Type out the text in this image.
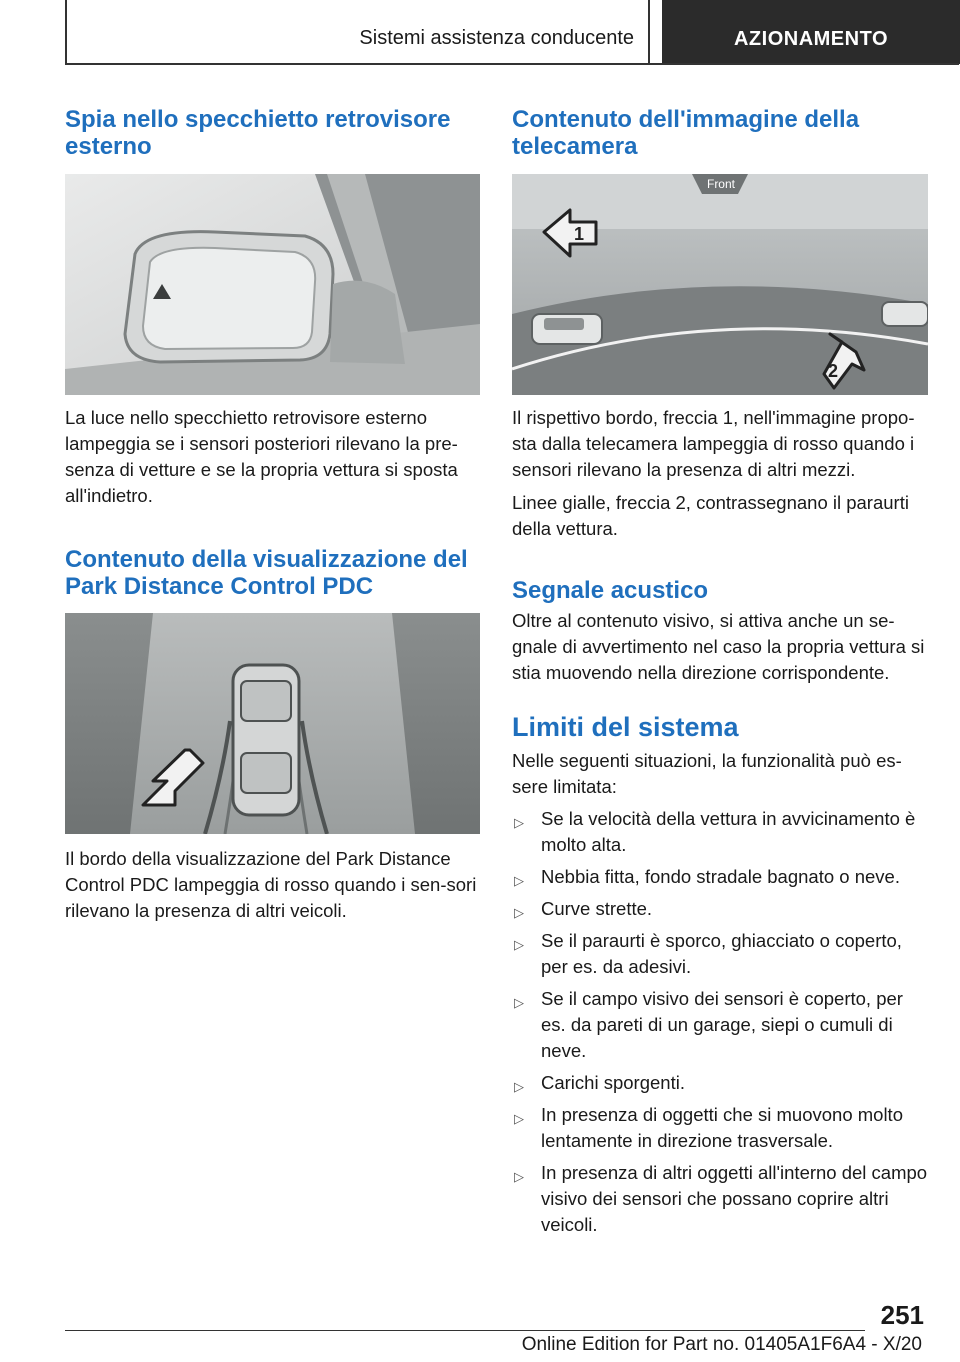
Sistemi assistenza conducente	AZIONAMENTO
Spia nello specchietto retrovisore esterno

La luce nello specchietto retrovisore esterno lampeggia se i sensori posteriori rilevano la pre-senza di vetture e se la propria vettura si sposta all'indietro.

Contenuto della visualizzazione del Park Distance Control PDC

Il bordo della visualizzazione del Park Distance Control PDC lampeggia di rosso quando i sen-sori rilevano la presenza di altri veicoli.

Contenuto dell'immagine della telecamera
Front
1
2

Il rispettivo bordo, freccia 1, nell'immagine propo-sta dalla telecamera lampeggia di rosso quando i sensori rilevano la presenza di altri mezzi.

Linee gialle, freccia 2, contrassegnano il paraurti della vettura.

Segnale acustico

Oltre al contenuto visivo, si attiva anche un se-gnale di avvertimento nel caso la propria vettura si stia muovendo nella direzione corrispondente.

Limiti del sistema

Nelle seguenti situazioni, la funzionalità può es-sere limitata:

▷ Se la velocità della vettura in avvicinamento è molto alta.
▷ Nebbia fitta, fondo stradale bagnato o neve.
▷ Curve strette.
▷ Se il paraurti è sporco, ghiacciato o coperto, per es. da adesivi.
▷ Se il campo visivo dei sensori è coperto, per es. da pareti di un garage, siepi o cumuli di neve.
▷ Carichi sporgenti.
▷ In presenza di oggetti che si muovono molto lentamente in direzione trasversale.
▷ In presenza di altri oggetti all'interno del campo visivo dei sensori che possano coprire altri veicoli.
251
Online Edition for Part no. 01405A1F6A4 - X/20
